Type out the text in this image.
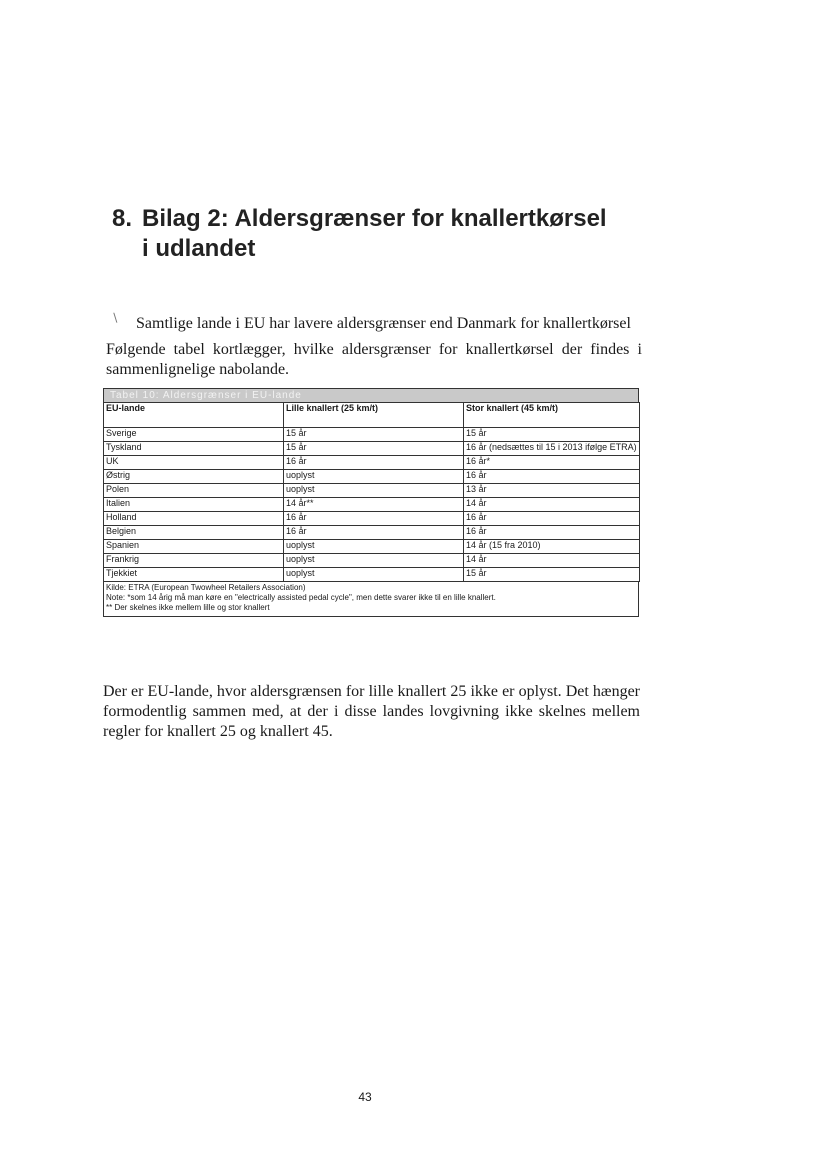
8. Bilag 2: Aldersgrænser for knallertkørsel
i udlandet
∖ Samtlige lande i EU har lavere aldersgrænser end Danmark for knallertkørsel

Følgende tabel kortlægger, hvilke aldersgrænser for knallertkørsel der findes i sammenlignelige nabolande.

Tabel 10: Aldersgrænser i EU-lande
EU-lande	Lille knallert (25 km/t)	Stor knallert (45 km/t)
Sverige	15 år	15 år
Tyskland	15 år	16 år (nedsættes til 15 i 2013 ifølge ETRA)
UK	16 år	16 år*
Østrig	uoplyst	16 år
Polen	uoplyst	13 år
Italien	14 år**	14 år
Holland	16 år	16 år
Belgien	16 år	16 år
Spanien	uoplyst	14 år (15 fra 2010)
Frankrig	uoplyst	14 år
Tjekkiet	uoplyst	15 år
Kilde: ETRA (European Twowheel Retailers Association)
Note: *som 14 årig må man køre en "electrically assisted pedal cycle", men dette svarer ikke til en lille knallert.
** Der skelnes ikke mellem lille og stor knallert

Der er EU-lande, hvor aldersgrænsen for lille knallert 25 ikke er oplyst. Det hænger formodentlig sammen med, at der i disse landes lovgivning ikke skelnes mellem regler for knallert 25 og knallert 45.

43
